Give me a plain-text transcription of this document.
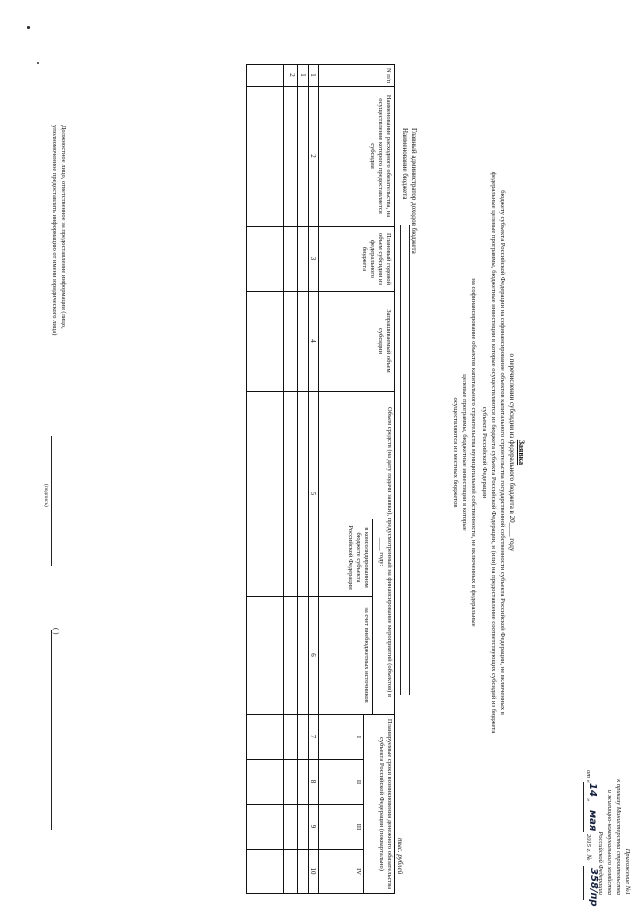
Приложение №1
к приказу Министерства строительства
и жилищно-коммунального хозяйства
Российской Федерации
от «
14
»
мая
2015 г. №
358/пр
Заявка
о перечислении субсидии из федерального бюджета в 20____ году
бюджету субъекта Российской Федерации на софинансирование объектов капитального строительства государственной собственности субъекта Российской Федерации, не включенных в
федеральные целевые программы, бюджетные инвестиции в которые осуществляются из бюджета субъекта Российской Федерации, и (или) на предоставление соответствующих субсидий из бюджета
субъекта Российской Федерации
на софинансирование объектов капитального строительства муниципальной собственности, не включенных в федеральные
целевые программы, бюджетные инвестиции в которые
осуществляются из местных бюджетов
Главный администратор доходов бюджета
Наименование бюджета
тыс. рублей
N п/п
Наименование расходного обязательства, на осуществление которого предоставляется субсидия
Плановый годовой объем субсидии из федерального бюджета
Запрашиваемый объем субсидии
Объем средств (на дату подачи заявки), предусмотренный на финансирование мероприятий (объектов) в ____ году:
в консолидированном бюджете субъекта Российской Федерации
за счет внебюджетных источников
Планируемые сроки возникновения денежного обязательства субъекта Российской Федерации (поквартально)
I
II
III
IV
1
2
3
4
5
6
7
8
9
10
1
2
Должностное лицо, ответственное за предоставление информации (лицо,
уполномоченное предоставлять информацию от имени юридического лица)
(подпись)
( )
